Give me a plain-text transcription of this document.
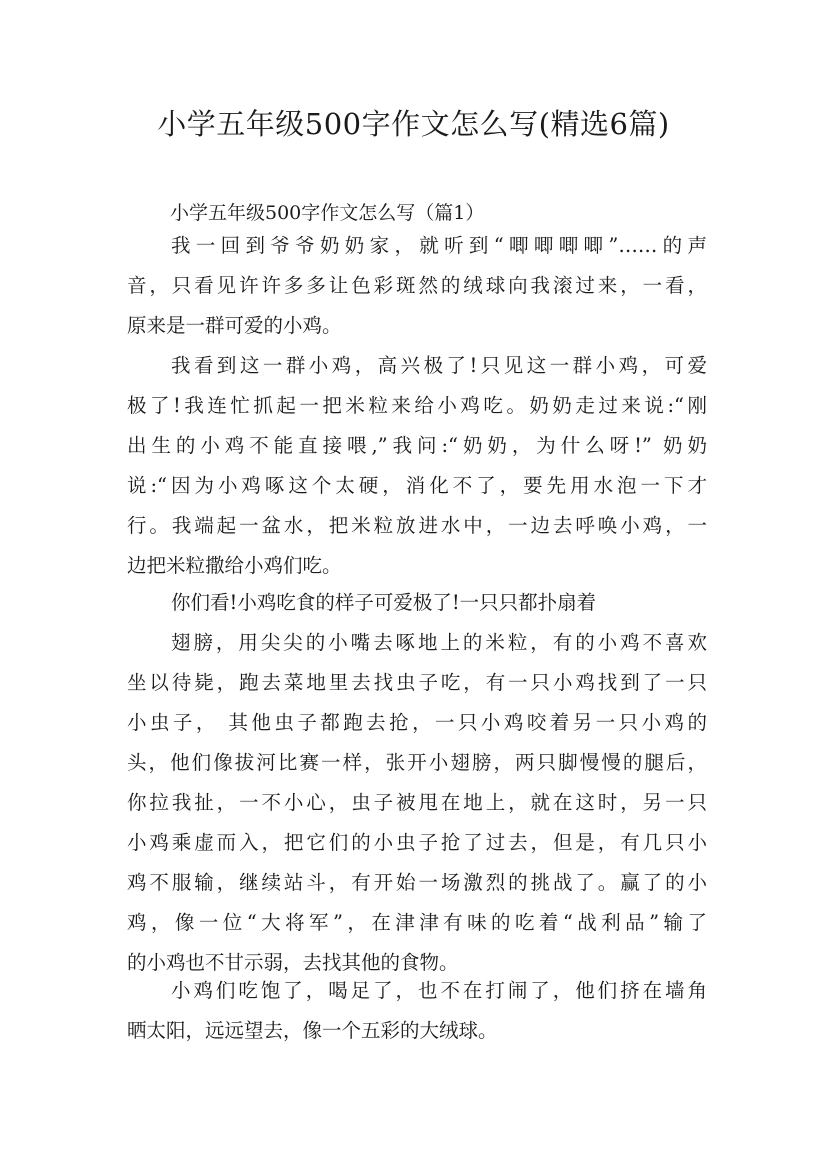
小学五年级500字作文怎么写(精选6篇)

小学五年级500字作文怎么写（篇1）

我一回到爷爷奶奶家，就听到“唧唧唧唧”……的声
音，只看见许许多多让色彩斑然的绒球向我滚过来，一看，
原来是一群可爱的小鸡。

我看到这一群小鸡，高兴极了!只见这一群小鸡，可爱
极了!我连忙抓起一把米粒来给小鸡吃。奶奶走过来说:“刚
出生的小鸡不能直接喂,”我问:“奶奶，为什么呀!” 奶奶
说:“因为小鸡啄这个太硬，消化不了，要先用水泡一下才
行。我端起一盆水，把米粒放进水中，一边去呼唤小鸡，一
边把米粒撒给小鸡们吃。

你们看!小鸡吃食的样子可爱极了!一只只都扑扇着

翅膀，用尖尖的小嘴去啄地上的米粒，有的小鸡不喜欢
坐以待毙，跑去菜地里去找虫子吃，有一只小鸡找到了一只
小虫子， 其他虫子都跑去抢，一只小鸡咬着另一只小鸡的
头，他们像拔河比赛一样，张开小翅膀，两只脚慢慢的腿后，
你拉我扯，一不小心，虫子被甩在地上，就在这时，另一只
小鸡乘虚而入，把它们的小虫子抢了过去，但是，有几只小
鸡不服输，继续站斗，有开始一场激烈的挑战了。赢了的小
鸡，像一位“大将军”，在津津有味的吃着“战利品”输了
的小鸡也不甘示弱，去找其他的食物。

小鸡们吃饱了，喝足了，也不在打闹了，他们挤在墙角
晒太阳，远远望去，像一个五彩的大绒球。
